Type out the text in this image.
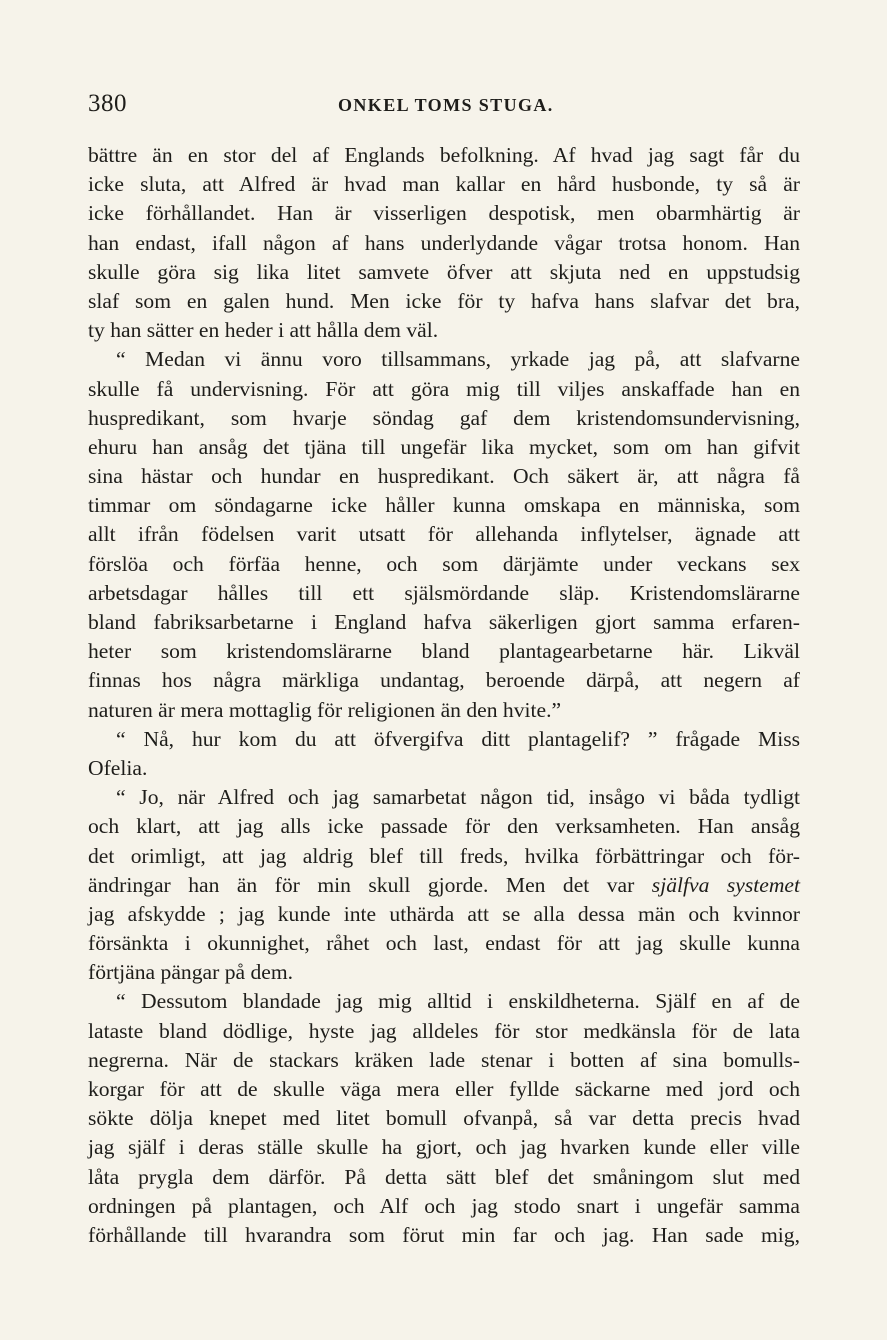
380	ONKEL TOMS STUGA.
bättre än en stor del af Englands befolkning. Af hvad jag sagt får du
icke sluta, att Alfred är hvad man kallar en hård husbonde, ty så är
icke förhållandet. Han är visserligen despotisk, men obarmhärtig är
han endast, ifall någon af hans underlydande vågar trotsa honom. Han
skulle göra sig lika litet samvete öfver att skjuta ned en uppstudsig
slaf som en galen hund. Men icke för ty hafva hans slafvar det bra,
ty han sätter en heder i att hålla dem väl.
“ Medan vi ännu voro tillsammans, yrkade jag på, att slafvarne
skulle få undervisning. För att göra mig till viljes anskaffade han en
huspredikant, som hvarje söndag gaf dem kristendomsundervisning,
ehuru han ansåg det tjäna till ungefär lika mycket, som om han gifvit
sina hästar och hundar en huspredikant. Och säkert är, att några få
timmar om söndagarne icke håller kunna omskapa en människa, som
allt ifrån födelsen varit utsatt för allehanda inflytelser, ägnade att
förslöa och förfäa henne, och som därjämte under veckans sex
arbetsdagar hålles till ett själsmördande släp. Kristendomslärarne
bland fabriksarbetarne i England hafva säkerligen gjort samma erfaren-
heter som kristendomslärarne bland plantagearbetarne här. Likväl
finnas hos några märkliga undantag, beroende därpå, att negern af
naturen är mera mottaglig för religionen än den hvite.”
“ Nå, hur kom du att öfvergifva ditt plantagelif? ” frågade Miss
Ofelia.
“ Jo, när Alfred och jag samarbetat någon tid, insågo vi båda tydligt
och klart, att jag alls icke passade för den verksamheten. Han ansåg
det orimligt, att jag aldrig blef till freds, hvilka förbättringar och för-
ändringar han än för min skull gjorde. Men det var själfva systemet
jag afskydde ; jag kunde inte uthärda att se alla dessa män och kvinnor
försänkta i okunnighet, råhet och last, endast för att jag skulle kunna
förtjäna pängar på dem.
“ Dessutom blandade jag mig alltid i enskildheterna. Själf en af de
lataste bland dödlige, hyste jag alldeles för stor medkänsla för de lata
negrerna. När de stackars kräken lade stenar i botten af sina bomulls-
korgar för att de skulle väga mera eller fyllde säckarne med jord och
sökte dölja knepet med litet bomull ofvanpå, så var detta precis hvad
jag själf i deras ställe skulle ha gjort, och jag hvarken kunde eller ville
låta prygla dem därför. På detta sätt blef det småningom slut med
ordningen på plantagen, och Alf och jag stodo snart i ungefär samma
förhållande till hvarandra som förut min far och jag. Han sade mig,
